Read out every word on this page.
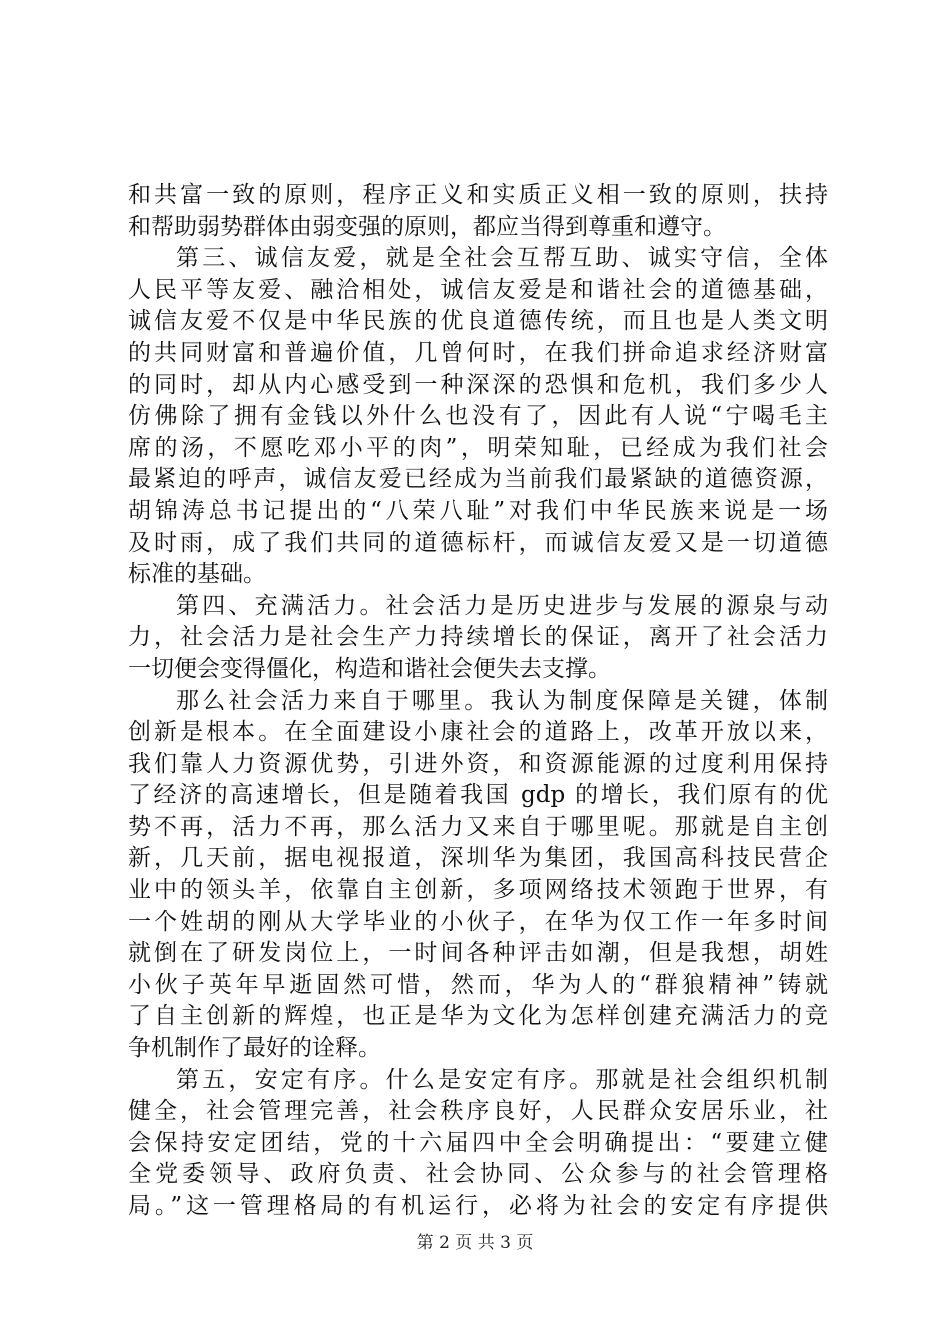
和共富一致的原则，程序正义和实质正义相一致的原则，扶持
和帮助弱势群体由弱变强的原则，都应当得到尊重和遵守。
第三、诚信友爱，就是全社会互帮互助、诚实守信，全体
人民平等友爱、融洽相处，诚信友爱是和谐社会的道德基础，
诚信友爱不仅是中华民族的优良道德传统，而且也是人类文明
的共同财富和普遍价值，几曾何时，在我们拼命追求经济财富
的同时，却从内心感受到一种深深的恐惧和危机，我们多少人
仿佛除了拥有金钱以外什么也没有了，因此有人说“宁喝毛主
席的汤，不愿吃邓小平的肉”，明荣知耻，已经成为我们社会
最紧迫的呼声，诚信友爱已经成为当前我们最紧缺的道德资源，
胡锦涛总书记提出的“八荣八耻”对我们中华民族来说是一场
及时雨，成了我们共同的道德标杆，而诚信友爱又是一切道德
标准的基础。
第四、充满活力。社会活力是历史进步与发展的源泉与动
力，社会活力是社会生产力持续增长的保证，离开了社会活力
一切便会变得僵化，构造和谐社会便失去支撑。
那么社会活力来自于哪里。我认为制度保障是关键，体制
创新是根本。在全面建设小康社会的道路上，改革开放以来，
我们靠人力资源优势，引进外资，和资源能源的过度利用保持
了经济的高速增长，但是随着我国 gdp 的增长，我们原有的优
势不再，活力不再，那么活力又来自于哪里呢。那就是自主创
新，几天前，据电视报道，深圳华为集团，我国高科技民营企
业中的领头羊，依靠自主创新，多项网络技术领跑于世界，有
一个姓胡的刚从大学毕业的小伙子，在华为仅工作一年多时间
就倒在了研发岗位上，一时间各种评击如潮，但是我想，胡姓
小伙子英年早逝固然可惜，然而，华为人的“群狼精神”铸就
了自主创新的辉煌，也正是华为文化为怎样创建充满活力的竞
争机制作了最好的诠释。
第五，安定有序。什么是安定有序。那就是社会组织机制
健全，社会管理完善，社会秩序良好，人民群众安居乐业，社
会保持安定团结，党的十六届四中全会明确提出：“要建立健
全党委领导、政府负责、社会协同、公众参与的社会管理格
局。”这一管理格局的有机运行，必将为社会的安定有序提供
第 2 页 共 3 页
